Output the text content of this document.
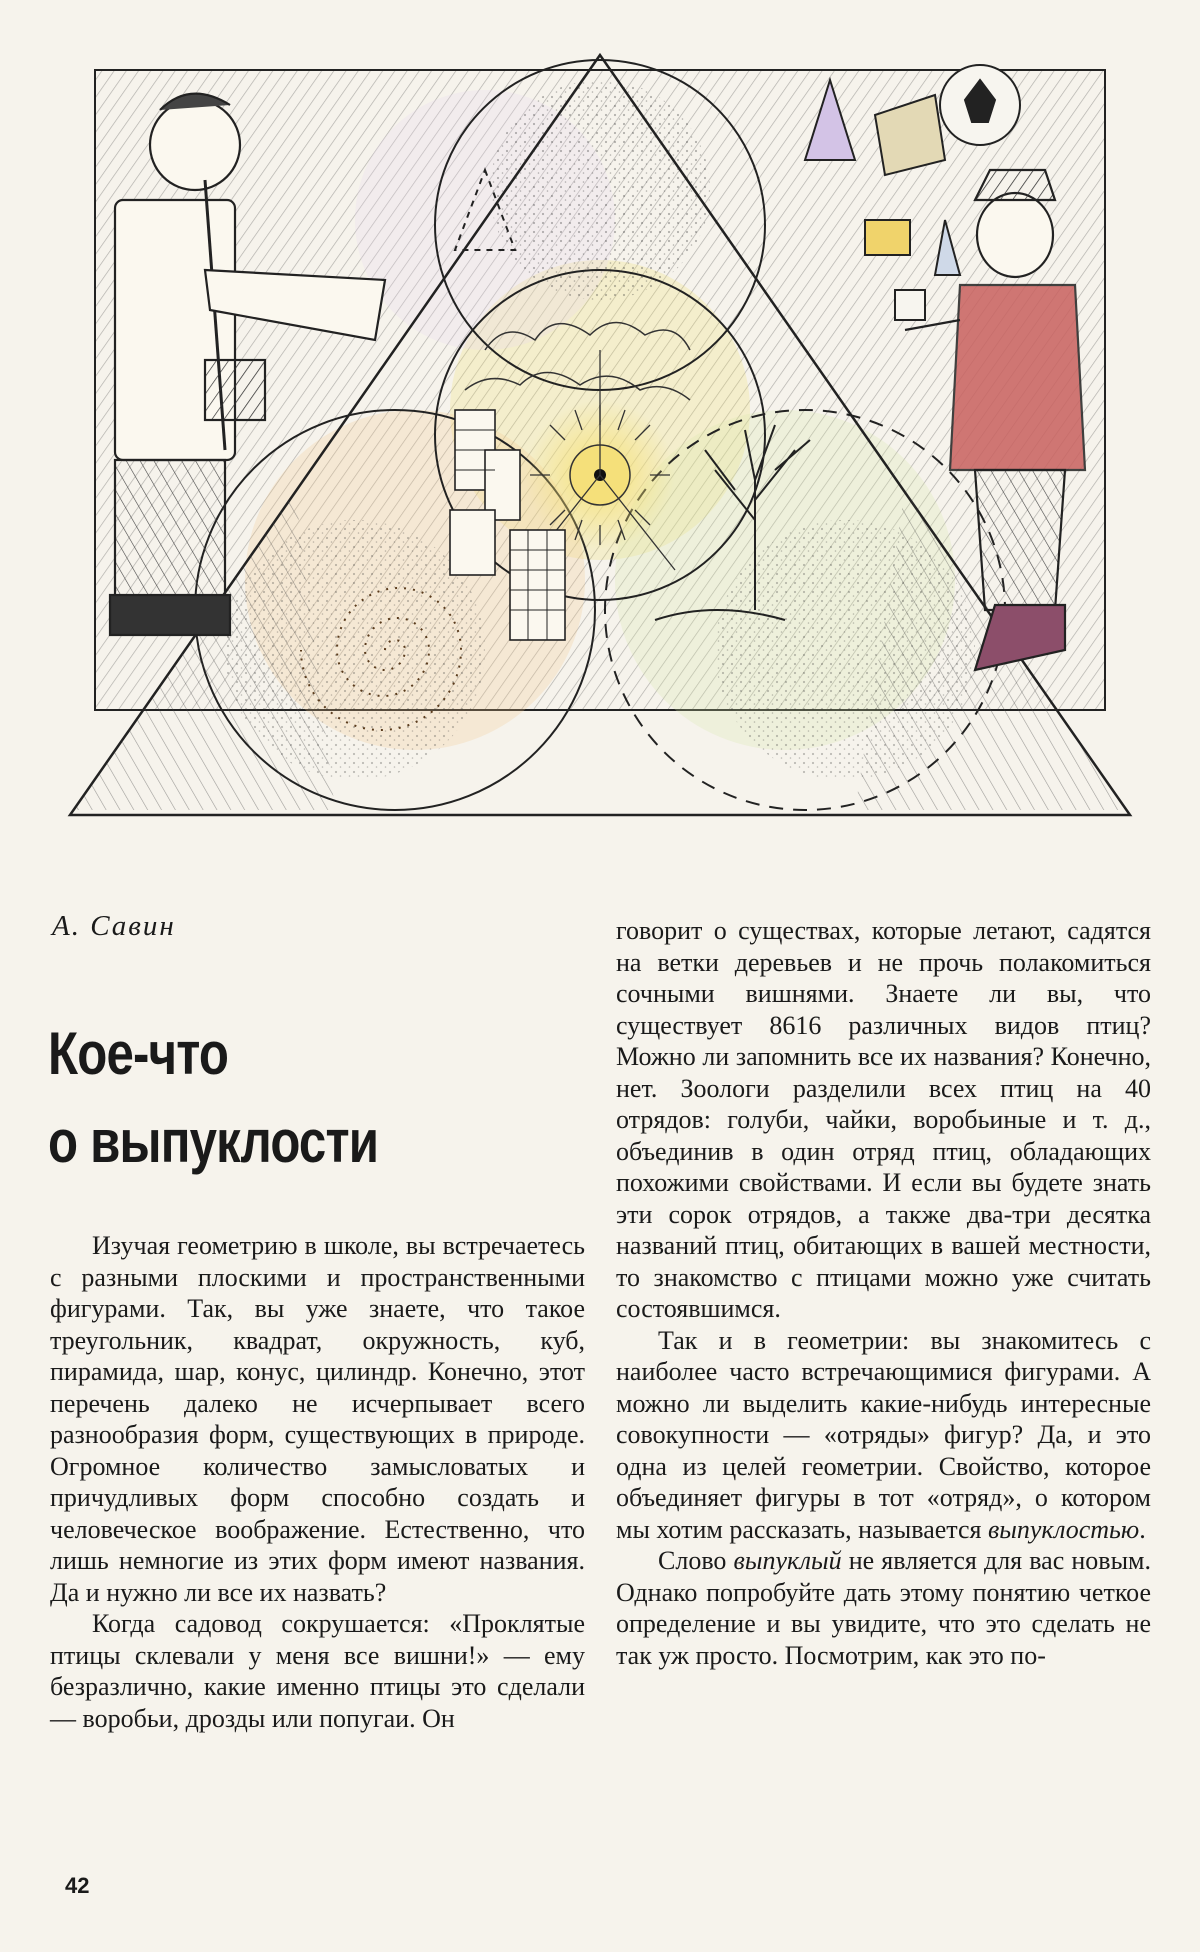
А. Савин
Кое-что
о выпуклости

Изучая геометрию в школе, вы встречаетесь с разными плоскими и пространственными фигурами. Так, вы уже знаете, что такое треугольник, квадрат, окружность, куб, пирамида, шар, конус, цилиндр. Конечно, этот перечень далеко не исчерпывает всего разнообразия форм, существующих в природе. Огромное количество замысловатых и причудливых форм способно создать и человеческое воображение. Естественно, что лишь немногие из этих форм имеют названия. Да и нужно ли все их назвать?

Когда садовод сокрушается: «Проклятые птицы склевали у меня все вишни!» — ему безразлично, какие именно птицы это сделали — воробьи, дрозды или попугаи. Он

говорит о существах, которые летают, садятся на ветки деревьев и не прочь полакомиться сочными вишнями. Знаете ли вы, что существует 8616 различных видов птиц? Можно ли запомнить все их названия? Конечно, нет. Зоологи разделили всех птиц на 40 отрядов: голуби, чайки, воробьиные и т. д., объединив в один отряд птиц, обладающих похожими свойствами. И если вы будете знать эти сорок отрядов, а также два-три десятка названий птиц, обитающих в вашей местности, то знакомство с птицами можно уже считать состоявшимся.

Так и в геометрии: вы знакомитесь с наиболее часто встречающимися фигурами. А можно ли выделить какие-нибудь интересные совокупности — «отряды» фигур? Да, и это одна из целей геометрии. Свойство, которое объединяет фигуры в тот «отряд», о котором мы хотим рассказать, называется выпуклостью.

Слово выпуклый не является для вас новым. Однако попробуйте дать этому понятию четкое определение и вы увидите, что это сделать не так уж просто. Посмотрим, как это по-

42
